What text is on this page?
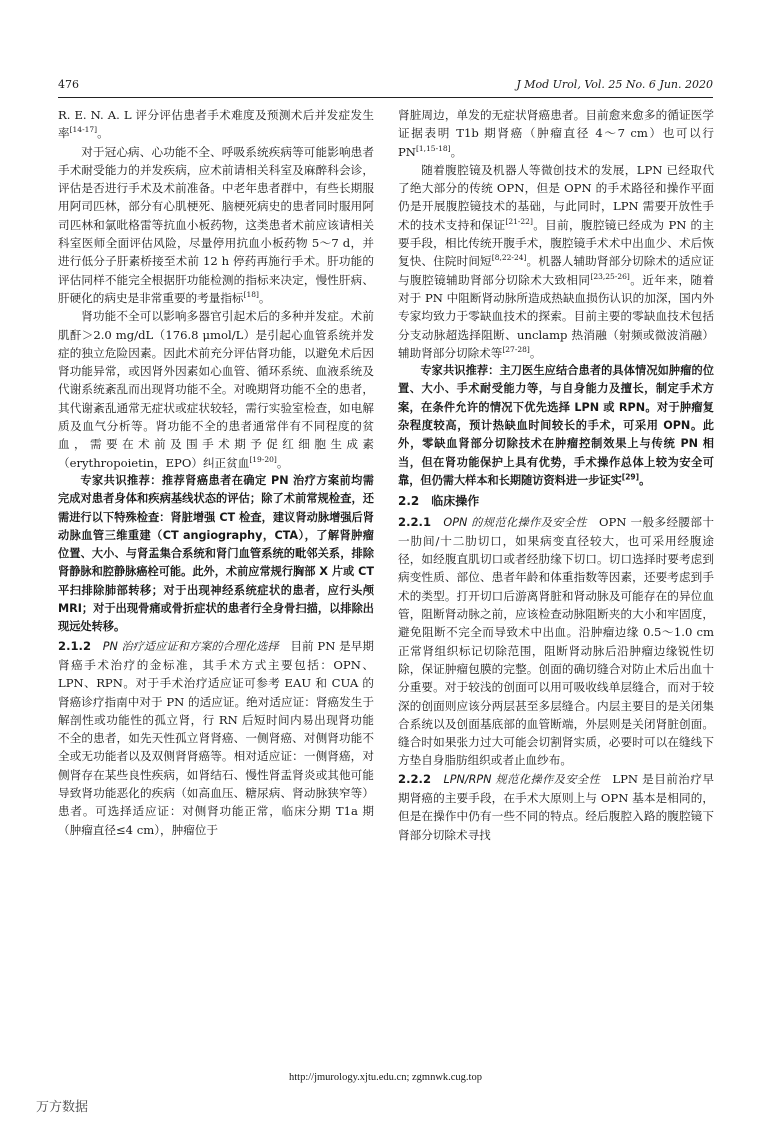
476	J Mod Urol, Vol. 25 No. 6 Jun. 2020

R. E. N. A. L 评分评估患者手术难度及预测术后并发症发生率[14-17]。

对于冠心病、心功能不全、呼吸系统疾病等可能影响患者手术耐受能力的并发疾病，应术前请相关科室及麻醉科会诊，评估是否进行手术及术前准备。中老年患者群中，有些长期服用阿司匹林，部分有心肌梗死、脑梗死病史的患者同时服用阿司匹林和氯吡格雷等抗血小板药物，这类患者术前应该请相关科室医师全面评估风险，尽量停用抗血小板药物 5～7 d，并进行低分子肝素桥接至术前 12 h 停药再施行手术。肝功能的评估同样不能完全根据肝功能检测的指标来决定，慢性肝病、肝硬化的病史是非常重要的考量指标[18]。

肾功能不全可以影响多器官引起术后的多种并发症。术前肌酐＞2.0 mg/dL（176.8 μmol/L）是引起心血管系统并发症的独立危险因素。因此术前充分评估肾功能，以避免术后因肾功能异常，或因肾外因素如心血管、循环系统、血液系统及代谢系统紊乱而出现肾功能不全。对晚期肾功能不全的患者，其代谢紊乱通常无症状或症状较轻，需行实验室检查，如电解质及血气分析等。肾功能不全的患者通常伴有不同程度的贫血，需要在术前及围手术期予促红细胞生成素（erythropoietin，EPO）纠正贫血[19-20]。

专家共识推荐：推荐肾癌患者在确定 PN 治疗方案前均需完成对患者身体和疾病基线状态的评估；除了术前常规检查，还需进行以下特殊检查：肾脏增强 CT 检查，建议肾动脉增强后肾动脉血管三维重建（CT angiography，CTA），了解肾肿瘤位置、大小、与肾盂集合系统和肾门血管系统的毗邻关系，排除肾静脉和腔静脉癌栓可能。此外，术前应常规行胸部 X 片或 CT 平扫排除肺部转移；对于出现神经系统症状的患者，应行头颅 MRI；对于出现骨痛或骨折症状的患者行全身骨扫描，以排除出现远处转移。

2.1.2　 PN 治疗适应证和方案的合理化选择　 目前 PN 是早期肾癌手术治疗的金标准，其手术方式主要包括：OPN、LPN、RPN。对于手术治疗适应证可参考 EAU 和 CUA 的肾癌诊疗指南中对于 PN 的适应证。绝对适应证：肾癌发生于解剖性或功能性的孤立肾，行 RN 后短时间内易出现肾功能不全的患者，如先天性孤立肾肾癌、一侧肾癌、对侧肾功能不全或无功能者以及双侧肾肾癌等。相对适应证：一侧肾癌，对侧肾存在某些良性疾病，如肾结石、慢性肾盂肾炎或其他可能导致肾功能恶化的疾病（如高血压、糖尿病、肾动脉狭窄等）患者。可选择适应证：对侧肾功能正常，临床分期 T1a 期（肿瘤直径≤4 cm），肿瘤位于

肾脏周边，单发的无症状肾癌患者。目前愈来愈多的循证医学证据表明 T1b 期肾癌（肿瘤直径 4～7 cm）也可以行 PN[1,15-18]。

随着腹腔镜及机器人等微创技术的发展，LPN 已经取代了绝大部分的传统 OPN，但是 OPN 的手术路径和操作平面仍是开展腹腔镜技术的基础，与此同时，LPN 需要开放性手术的技术支持和保证[21-22]。目前，腹腔镜已经成为 PN 的主要手段，相比传统开腹手术，腹腔镜手术术中出血少、术后恢复快、住院时间短[8,22-24]。机器人辅助肾部分切除术的适应证与腹腔镜辅助肾部分切除术大致相同[23,25-26]。近年来，随着对于 PN 中阻断肾动脉所造成热缺血损伤认识的加深，国内外专家均致力于零缺血技术的探索。目前主要的零缺血技术包括分支动脉超选择阻断、unclamp 热消融（射频或微波消融）辅助肾部分切除术等[27-28]。

专家共识推荐：主刀医生应结合患者的具体情况如肿瘤的位置、大小、手术耐受能力等，与自身能力及擅长，制定手术方案，在条件允许的情况下优先选择 LPN 或 RPN。对于肿瘤复杂程度较高，预计热缺血时间较长的手术，可采用 OPN。此外，零缺血肾部分切除技术在肿瘤控制效果上与传统 PN 相当，但在肾功能保护上具有优势，手术操作总体上较为安全可靠，但仍需大样本和长期随访资料进一步证实[29]。

2.2　临床操作

2.2.1　 OPN 的规范化操作及安全性　 OPN 一般多经腰部十一肋间/十二肋切口，如果病变直径较大，也可采用经腹途径，如经腹直肌切口或者经肋缘下切口。切口选择时要考虑到病变性质、部位、患者年龄和体重指数等因素，还要考虑到手术的类型。打开切口后游离肾脏和肾动脉及可能存在的异位血管，阻断肾动脉之前，应该检查动脉阻断夹的大小和牢固度，避免阻断不完全而导致术中出血。沿肿瘤边缘 0.5～1.0 cm 正常肾组织标记切除范围，阻断肾动脉后沿肿瘤边缘锐性切除，保证肿瘤包膜的完整。创面的确切缝合对防止术后出血十分重要。对于较浅的创面可以用可吸收线单层缝合，而对于较深的创面则应该分两层甚至多层缝合。内层主要目的是关闭集合系统以及创面基底部的血管断端，外层则是关闭肾脏创面。缝合时如果张力过大可能会切割肾实质，必要时可以在缝线下方垫自身脂肪组织或者止血纱布。

2.2.2　 LPN/RPN 规范化操作及安全性　 LPN 是目前治疗早期肾癌的主要手段，在手术大原则上与 OPN 基本是相同的，但是在操作中仍有一些不同的特点。经后腹腔入路的腹腔镜下肾部分切除术寻找

http://jmurology.xjtu.edu.cn; zgmnwk.cug.top
万方数据
